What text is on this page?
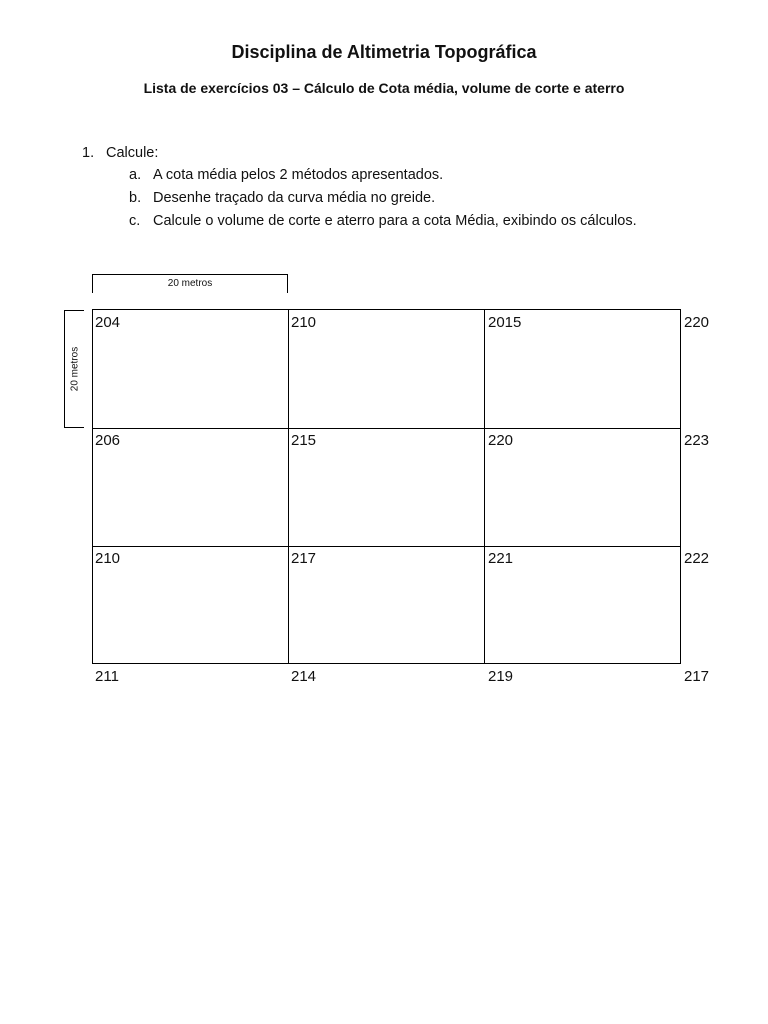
Disciplina de Altimetria Topográfica
Lista de exercícios 03 – Cálculo de Cota média, volume de corte e aterro
1. Calcule:
a. A cota média pelos 2 métodos apresentados.
b. Desenhe traçado da curva média no greide.
c. Calcule o volume de corte e aterro para a cota Média, exibindo os cálculos.
20 metros
20 metros
204	210	2015	220
206	215	220	223
210	217	221	222
211	214	219	217
